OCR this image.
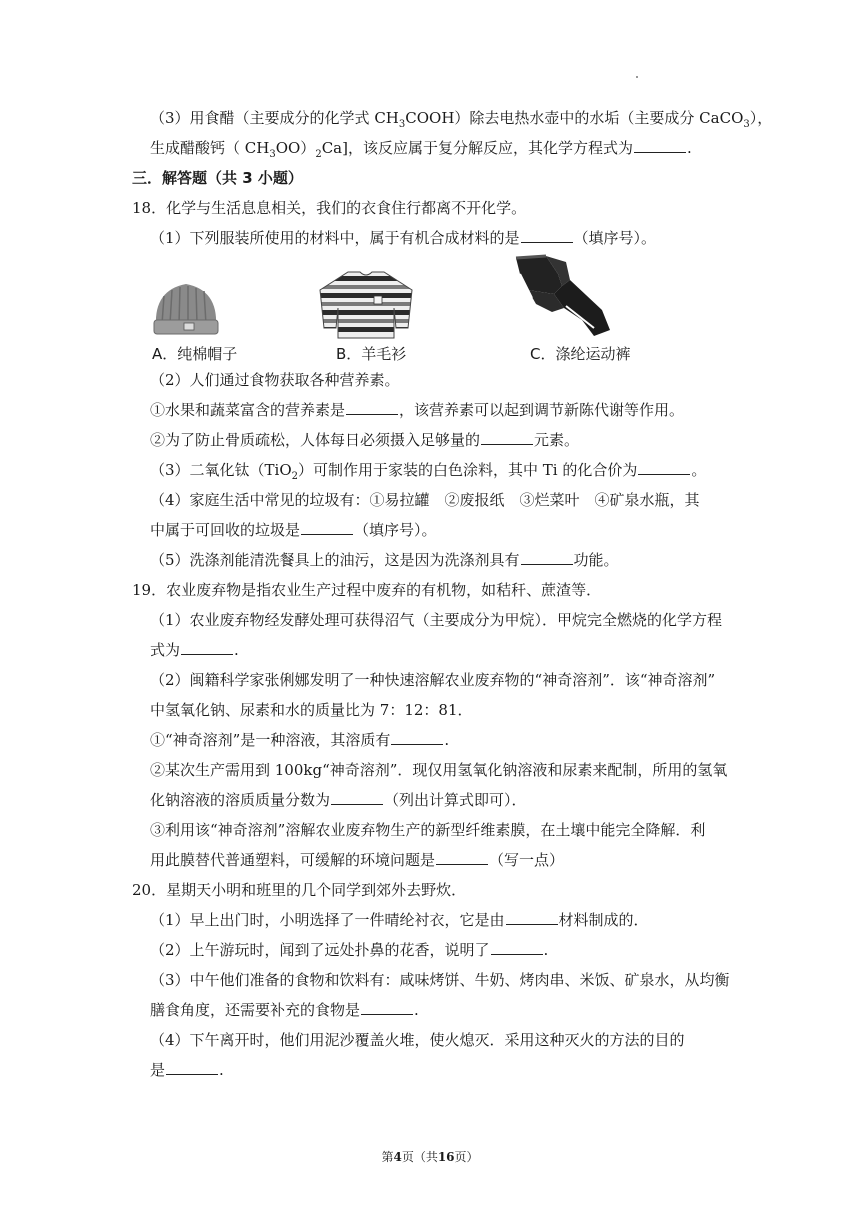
（3）用食醋（主要成分的化学式 $CH_3COOH$）除去电热水壶中的水垢（主要成分 CaCO$_3$），
生成醋酸钙（ $CH_3OO)_2Ca$]，该反应属于复分解反应，其化学方程式为	.
三．解答题（共 3 小题）
18．化学与生活息息相关，我们的衣食住行都离不开化学。
（1）下列服装所使用的材料中，属于有机合成材料的是	（填序号）。
A．纯棉帽子	B．羊毛衫	C．涤纶运动裤
（2）人们通过食物获取各种营养素。
①水果和蔬菜富含的营养素是	，该营养素可以起到调节新陈代谢等作用。
②为了防止骨质疏松，人体每日必须摄入足够量的	元素。
（3）二氧化钛（TiO$_2$）可制作用于家装的白色涂料，其中 Ti 的化合价为	。
（4）家庭生活中常见的垃圾有：①易拉罐　②废报纸　③烂菜叶　④矿泉水瓶，其
中属于可回收的垃圾是	（填序号）。
（5）洗涤剂能清洗餐具上的油污，这是因为洗涤剂具有	功能。
19．农业废弃物是指农业生产过程中废弃的有机物，如秸秆、蔗渣等．
（1）农业废弃物经发酵处理可获得沼气（主要成分为甲烷）．甲烷完全燃烧的化学方程
式为	.
（2）闽籍科学家张俐娜发明了一种快速溶解农业废弃物的“神奇溶剂”．该“神奇溶剂”
中氢氧化钠、尿素和水的质量比为 7：12：81．
①“神奇溶剂”是一种溶液，其溶质有	.
②某次生产需用到 100kg“神奇溶剂”．现仅用氢氧化钠溶液和尿素来配制，所用的氢氧
化钠溶液的溶质质量分数为	（列出计算式即可）．
③利用该“神奇溶剂”溶解农业废弃物生产的新型纤维素膜，在土壤中能完全降解．利
用此膜替代普通塑料，可缓解的环境问题是	（写一点）
20．星期天小明和班里的几个同学到郊外去野炊．
（1）早上出门时，小明选择了一件晴纶衬衣，它是由	材料制成的．
（2）上午游玩时，闻到了远处扑鼻的花香，说明了	.
（3）中午他们准备的食物和饮料有：咸味烤饼、牛奶、烤肉串、米饭、矿泉水，从均衡
膳食角度，还需要补充的食物是	.
（4）下午离开时，他们用泥沙覆盖火堆，使火熄灭．采用这种灭火的方法的目的
是	.
第4页（共16页）
